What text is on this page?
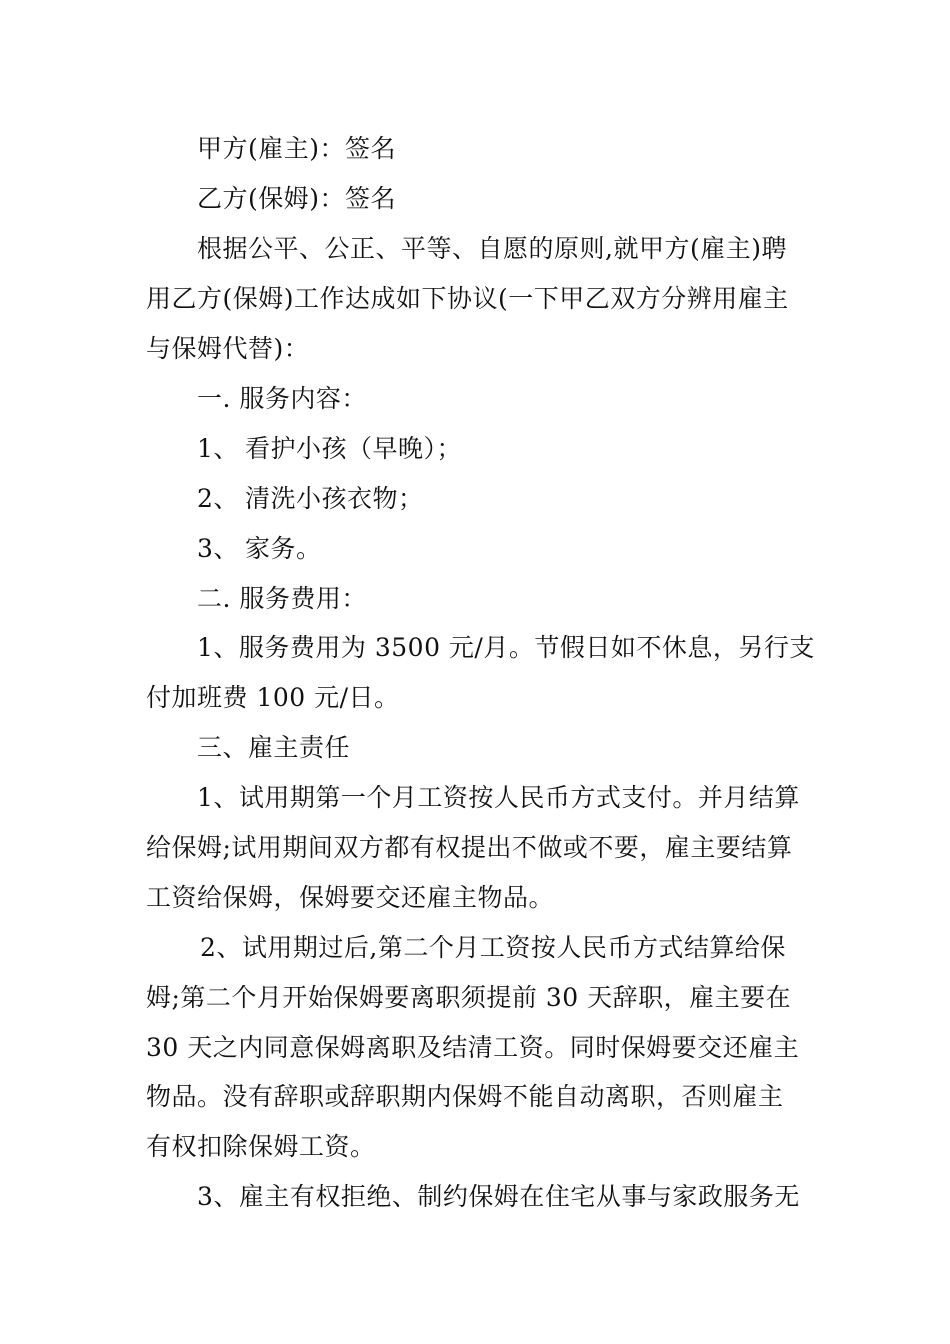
甲方(雇主)：签名
乙方(保姆)：签名
根据公平、公正、平等、自愿的原则,就甲方(雇主)聘
用乙方(保姆)工作达成如下协议(一下甲乙双方分辨用雇主
与保姆代替)：
一. 服务内容：
1、 看护小孩（早晚）；
2、 清洗小孩衣物；
3、 家务。
二. 服务费用：
1、服务费用为 3500 元/月。节假日如不休息，另行支
付加班费 100 元/日。
三、雇主责任
1、试用期第一个月工资按人民币方式支付。并月结算
给保姆;试用期间双方都有权提出不做或不要，雇主要结算
工资给保姆，保姆要交还雇主物品。
2、试用期过后,第二个月工资按人民币方式结算给保
姆;第二个月开始保姆要离职须提前 30 天辞职，雇主要在
30 天之内同意保姆离职及结清工资。同时保姆要交还雇主
物品。没有辞职或辞职期内保姆不能自动离职，否则雇主
有权扣除保姆工资。
3、雇主有权拒绝、制约保姆在住宅从事与家政服务无
